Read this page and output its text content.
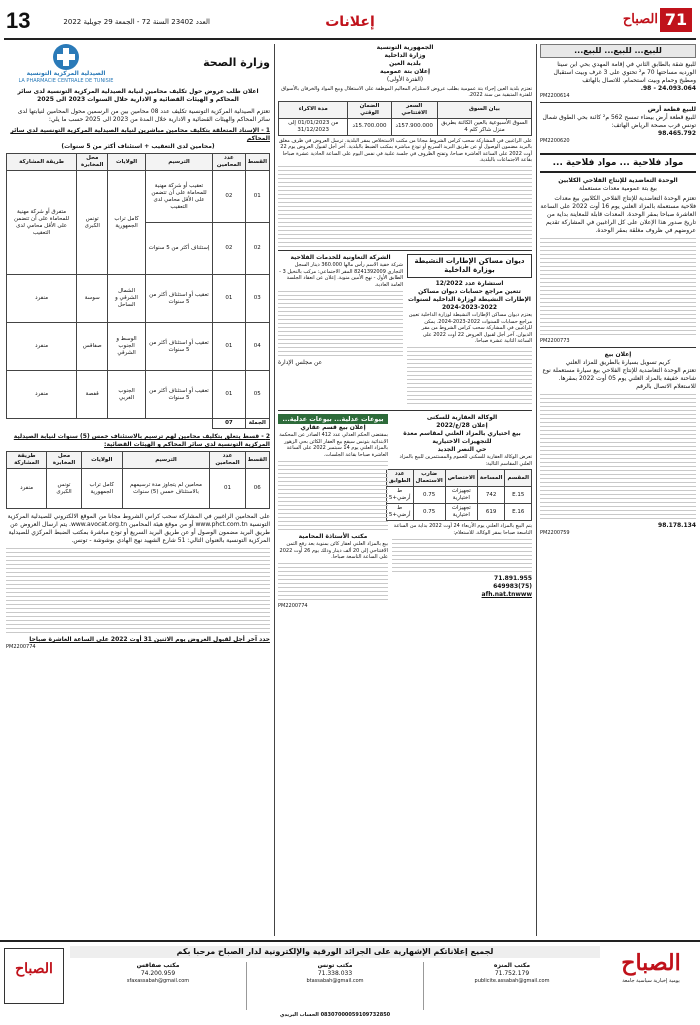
13	العدد 23402 السنة 72 - الجمعة 29 جويلية 2022	إعلانات	71
الصباح
للبيع... للبيع... للبيع...
للبيع شقة بالطابق الثاني في إقامة المهدي بحي ابن سينا الورديه مساحتها 70 م² تحتوي على 3 غرف وبيت استقبال ومطبخ وحمام وبيت استحمام. للاتصال بالهاتف
24.093.064 - 98.
PM2200614
للبيع قطعة أرض
للبيع قطعة أرض بيضاء تمسح 562 م² كائنة بحي الطوق شمال تونس قرب مصحة الرياض الهاتف:
98.465.792
PM2200620
مواد فلاحية ... مواد فلاحية ...
الوحدة التعاضدية للإنتاج الفلاحي الكلابين
بيع بتة عمومية معدات مستعملة
تعتزم الوحدة التعاضدية للإنتاج الفلاحي الكلابين بيع معدات فلاحية مستعملة بالمزاد العلني يوم 16 أوت 2022 على الساعة العاشرة صباحا بمقر الوحدة. المعدات قابلة للمعاينة بداية من تاريخ صدور هذا الإعلان على كل الراغبين في المشاركة تقديم عروضهم في ظروف مغلقة بمقر الوحدة.
PM2200773
إعلان بيع
كريم تسويل بسيارة بالطريق للمزاد العلني
تعتزم الوحدة التعاضدية للإنتاج الفلاحي بيع سيارة مستعملة نوع شاحنة خفيفة بالمزاد العلني يوم 05 أوت 2022 بمقرها. للاستعلام الاتصال بالرقم
98.178.134
PM2200759
الجمهورية التونسية
وزارة الداخلية
بلدية العين
إعلان بتة عمومية
(الفترة الأولى)
تعتزم بلدية العين إجراء بتة عمومية بطلب عروض لاستلزام المعاليم الموظفة على الاستغلال وبيع المواد والخرفان بالأسواق للفترة المتبقية من سنة 2022.
بيان السوق	السعر الافتتاحي	الضمان الوقتي	مدة الاكراء
السوق الأسبوعية بالعين الكائنة بطريق منزل شاكر كلم 4	157.900.000د	15.700.000د	من 01/01/2023 إلى 31/12/2023
على الراغبين في المشاركة سحب كراس الشروط مجانا من مكتب الاستخلاص بمقر البلدية. ترسل العروض في ظرف مغلق بالبريد مضمون الوصول أو عن طريق البريد السريع أو تودع مباشرة بمكتب الضبط بالبلدية. آخر أجل لقبول العروض يوم 22 أوت 2022 على الساعة العاشرة صباحا، وتفتح الظروف في جلسة علنية في نفس اليوم على الساعة الحادية عشرة صباحا بقاعة الاجتماعات بالبلدية.
ديوان مساكن الإطارات النشيطة بوزارة الداخلية
استشارة عدد 12/2022
تتعين مراجع حسابات ديوان مساكن الإطارات النشيطة لوزارة الداخلية لسنوات 2022-2023-2024
يعتزم ديوان مساكن الإطارات النشيطة لوزارة الداخلية تعيين مراجع حسابات للسنوات 2022-2023-2024. يمكن للراغبين في المشاركة سحب كراس الشروط من مقر الديوان. آخر أجل لقبول العروض 22 أوت 2022 على الساعة الثانية عشرة صباحا.
الشركة التعاونية للخدمات الفلاحية
شركة خفية الاسم رأس مالها 360.000 دينار السجل التجاري 8241392009 المقر الاجتماعي: مركب بالنخيل 3 - الطابق الأول - نهج الأمين منوبة. إعلان عن انعقاد الجلسة العامة العادية.
عن مجلس الإدارة
الوكالة العقارية للسكنى
إعلان 28/ع/2022
بيع اختياري بالمزاد العلني لمقاسم معدة للتجهيزات الاختيارية
حي النصر الجديد
تعرض الوكالة العقارية للسكنى للعموم والمستثمرين للبيع بالمزاد العلني المقاسم التالية:
المقسم	المساحة	الاختصاص	ضارب الاستعمال	عدد الطوابق
E.15	742	تجهيزات اختيارية	0.75	ط أرضي+5
E.16	619	تجهيزات اختيارية	0.75	ط أرضي+5
يتم البيع بالمزاد العلني يوم الأربعاء 24 أوت 2022 بداية من الساعة التاسعة صباحا بمقر الوكالة. للاستعلام:
71.891.955
(75)649983
afh.nat.tnwww
بيوعات عدلية... بيوعات عدلية...
إعلان بيع قسم عقاري
بمقتضى الحكم العدلي عدد 412 الصادر عن المحكمة الابتدائية بتونس سيقع بيع العقار الكائن بحي الزهور بالمزاد العلني يوم 14 سبتمبر 2022 على الساعة العاشرة صباحا بقاعة الجلسات.
مكتب الأستاذة المحامية
بيع بالمزاد العلني لعقار كائن بمنوبة بعد رفع الثمن الافتتاحي إلى 20 ألف دينار وذلك يوم 26 أوت 2022 على الساعة التاسعة صباحا.
PM2200774
وزارة الصحة
الصيدلية المركزية التونسية
LA PHARMACIE CENTRALE DE TUNISIE
اعلان طلب عروض حول تكليف محامين لنيابة الصيدلية المركزية التونسية لدى سائر المحاكم و الهيئات القضائية و الادارية خلال السنوات 2023 الى 2025
تعتزم الصيدلية المركزية التونسية تكليف عدد 08 محامين بين من الرسمين محول المحامين لنيابتها لدى سائر المحاكم والهيئات القضائية و الادارية خلال المدة من 2023 الى 2025 حسب ما يلي:
1 - الإسناد المتعلقة بتكليف محامين مباشرين لنيابة الصيدلية المركزية التونسية لدى سائر المحاكم
(محامين لدى التعقيب + استئناف أكثر من 5 سنوات)
القسط	عدد المحامين	الترسيم	الولايات	محل المخابرة	طريقة المشاركة
01	02	تعقيب أو شركة مهنية للمحاماة على أن تتضمن على الأقل محامي لدى التعقيب	كامل تراب الجمهورية	تونس الكبرى	متفرق أو شركة مهنية للمحاماة على أن تتضمن على الأقل محامي لدى التعقيب
02	02	إستئناف أكثر من 5 سنوات			
03	01	تعقيب أو استئناف أكثر من 5 سنوات	الشمال الشرقي و الساحل	سوسة	منفرد
04	01	تعقيب أو استئناف أكثر من 5 سنوات	الوسط و الجنوب الشرقي	صفاقس	منفرد
05	01	تعقيب أو استئناف أكثر من 5 سنوات	الجنوب الغربي	قفصة	منفرد
الجملة	07				
2 - قسط يتعلق بتكليف محامين لهم ترسيم بالاستئناف خمس (5) سنوات لنيابة الصيدلية المركزية التونسية لدى سائر المحاكم و الهيئات القضائية:
القسط	عدد المحامين	الترسيم	الولايات	محل المخابرة	طريقة المشاركة
06	01	محامين لم يتجاوز مدة ترسيمهم بالاستئناف خمس (5) سنوات	كامل تراب الجمهورية	تونس الكبرى	منفرد
على المحامين الراغبين في المشاركة سحب كراس الشروط مجانا من الموقع الالكتروني للصيدلية المركزية التونسية www.phct.com.tn أو من موقع هيئة المحامين www.avocat.org.tn. يتم ارسال العروض عن طريق البريد مضمون الوصول أو عن طريق البريد السريع أو تودع مباشرة بمكتب الضبط المركزي للصيدلية المركزية التونسية بالعنوان التالي: 51 شارع الشهيد نهج الهادي بوشوشة - تونس.
حدد آخر أجل لقبول العروض يوم الاثنين 31 أوت 2022 على الساعة العاشرة صباحا
PM2200774
الصباح
يومية إخبارية سياسية جامعة
الصباح
لجميع إعلاناتكم الإشهارية على الجرائد الورقية والإلكترونية لدار الصباح مرحبا بكم
مكتب المنزه
71.752.179
publicite.assabah@gmail.com
مكتب تونس
71.338.033
btassabah@gmail.com
مكتب صفاقس
74.200.959
sfaxassabah@gmail.com
08307000059109732850 الحساب البريدي
